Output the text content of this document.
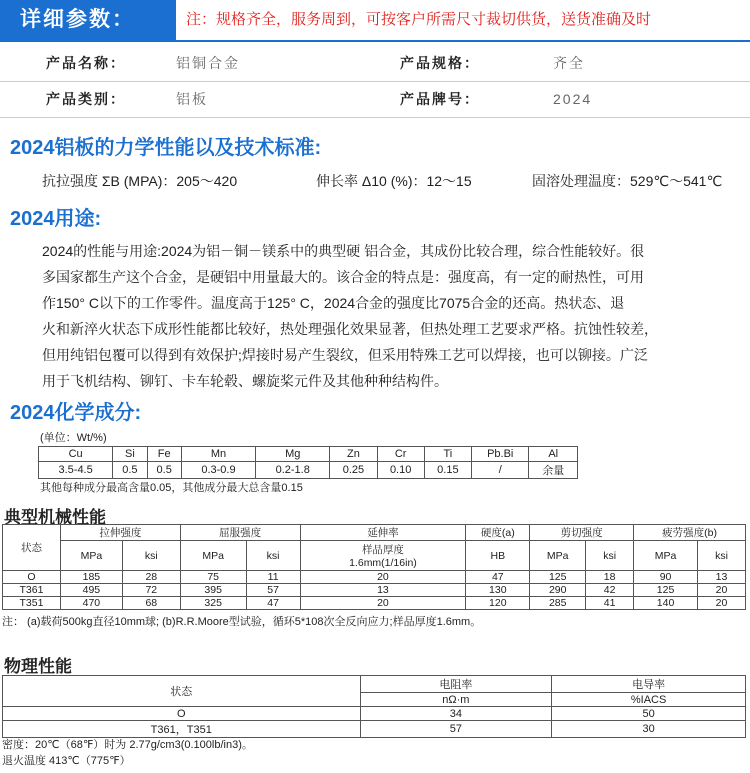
详细参数：	注：规格齐全，服务周到，可按客户所需尺寸裁切供货，送货准确及时
产品名称：	铝铜合金	产品规格：	齐全
产品类别：	铝板	产品牌号：	2024
2024铝板的力学性能以及技术标准:
抗拉强度 ΣB (MPA)：205～420	伸长率 Δ10 (%)：12～15	固溶处理温度：529℃～541℃
2024用途:
2024的性能与用途:2024为铝－铜－镁系中的典型硬 铝合金，其成份比较合理，综合性能较好。很
多国家都生产这个合金，是硬铝中用量最大的。该合金的特点是：强度高，有一定的耐热性，可用
作150° C以下的工作零件。温度高于125° C，2024合金的强度比7075合金的还高。热状态、退
火和新淬火状态下成形性能都比较好，热处理强化效果显著，但热处理工艺要求严格。抗蚀性较差，
但用纯铝包覆可以得到有效保护;焊接时易产生裂纹，但采用特殊工艺可以焊接，也可以铆接。广泛
用于飞机结构、铆钉、卡车轮毂、螺旋桨元件及其他种种结构件。
2024化学成分:
(单位：Wt/%)
Cu	Si	Fe	Mn	Mg	Zn	Cr	Ti	Pb.Bi	Al
3.5-4.5	0.5	0.5	0.3-0.9	0.2-1.8	0.25	0.10	0.15	/	余量
其他每种成分最高含量0.05，其他成分最大总含量0.15
典型机械性能
状态	拉伸强度		屈服强度		延伸率	硬度(a)	剪切强度		疲劳强度(b)	
	MPa	ksi	MPa	ksi	样品厚度
1.6mm(1/16in)	HB	MPa	ksi	MPa	ksi
O	185	28	75	11	20	47	125	18	90	13
T361	495	72	395	57	13	130	290	42	125	20
T351	470	68	325	47	20	120	285	41	140	20
注： (a)载荷500kg直径10mm球; (b)R.R.Moore型试验，循环5*108次全反向应力;样品厚度1.6mm。
物理性能
状态	电阻率	电导率
	nΩ·m	%IACS
O	34	50
T361，T351	57	30
密度：20℃（68℉）时为 2.77g/cm3(0.100lb/in3)。
退火温度 413℃（775℉）
